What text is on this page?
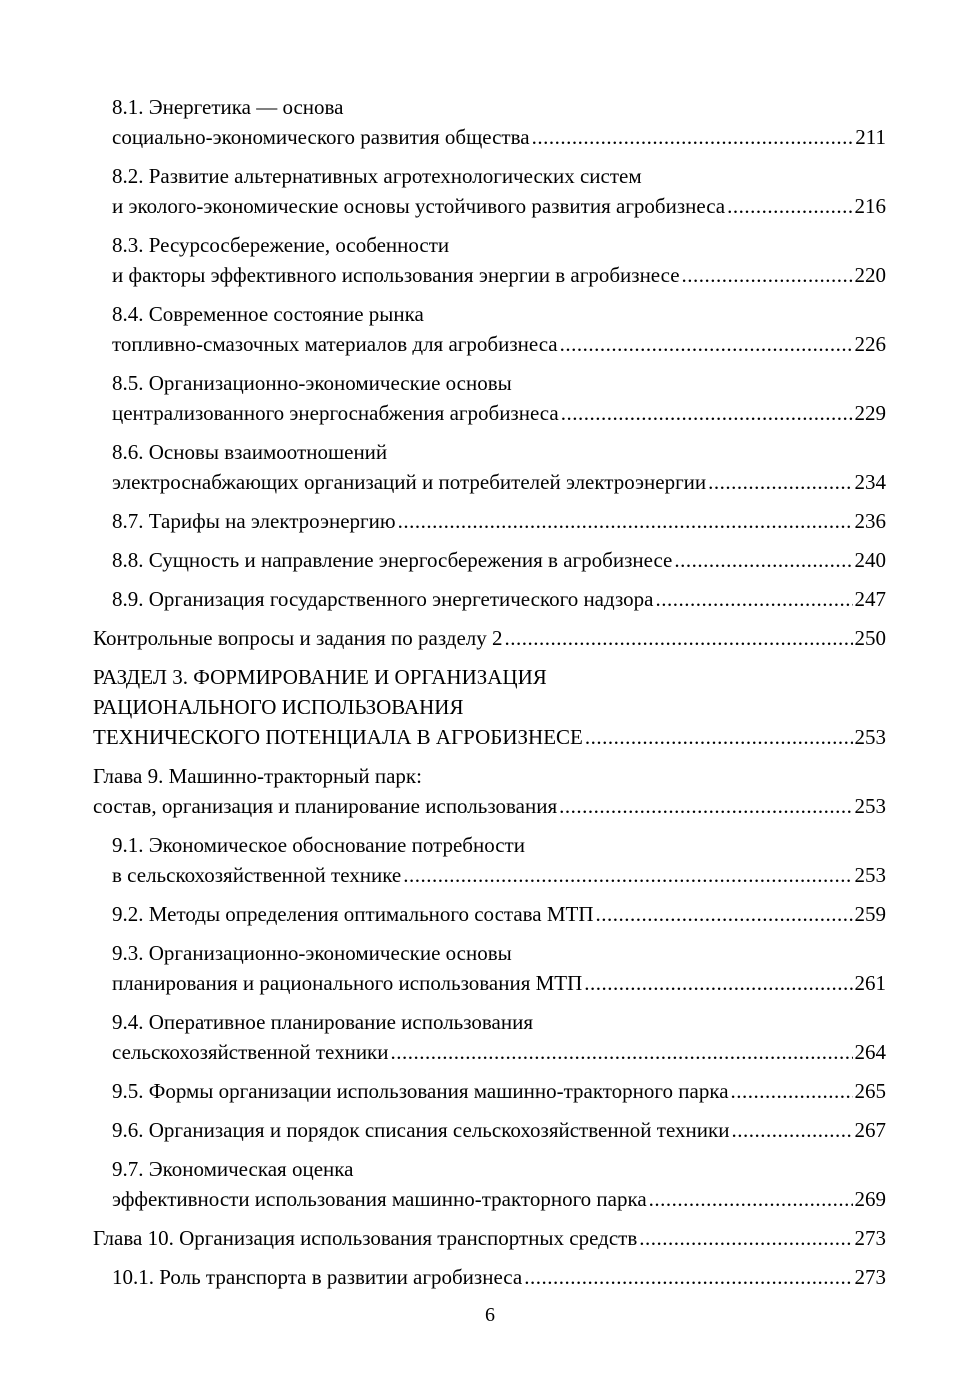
8.1. Энергетика — основа
социально-экономического развития общества .....	211
8.2. Развитие альтернативных агротехнологических систем
и эколого-экономические основы устойчивого развития агробизнеса .....	216
8.3. Ресурсосбережение, особенности
и факторы эффективного использования энергии в агробизнесе .....	220
8.4. Современное состояние рынка
топливно-смазочных материалов для агробизнеса .....	226
8.5. Организационно-экономические основы
централизованного энергоснабжения агробизнеса .....	229
8.6. Основы взаимоотношений
электроснабжающих организаций и потребителей электроэнергии .....	234
8.7. Тарифы на электроэнергию .....	236
8.8. Сущность и направление энергосбережения в агробизнесе .....	240
8.9. Организация государственного энергетического надзора .....	247
Контрольные вопросы и задания по разделу 2 .....	250
РАЗДЕЛ 3. ФОРМИРОВАНИЕ И ОРГАНИЗАЦИЯ
РАЦИОНАЛЬНОГО ИСПОЛЬЗОВАНИЯ
ТЕХНИЧЕСКОГО ПОТЕНЦИАЛА В АГРОБИЗНЕСЕ .....	253
Глава 9. Машинно-тракторный парк:
состав, организация и планирование использования .....	253
9.1. Экономическое обоснование потребности
в сельскохозяйственной технике .....	253
9.2. Методы определения оптимального состава МТП .....	259
9.3. Организационно-экономические основы
планирования и рационального использования МТП .....	261
9.4. Оперативное планирование использования
сельскохозяйственной техники .....	264
9.5. Формы организации использования машинно-тракторного парка .....	265
9.6. Организация и порядок списания сельскохозяйственной техники .....	267
9.7. Экономическая оценка
эффективности использования машинно-тракторного парка .....	269
Глава 10. Организация использования транспортных средств .....	273
10.1. Роль транспорта в развитии агробизнеса .....	273
6
